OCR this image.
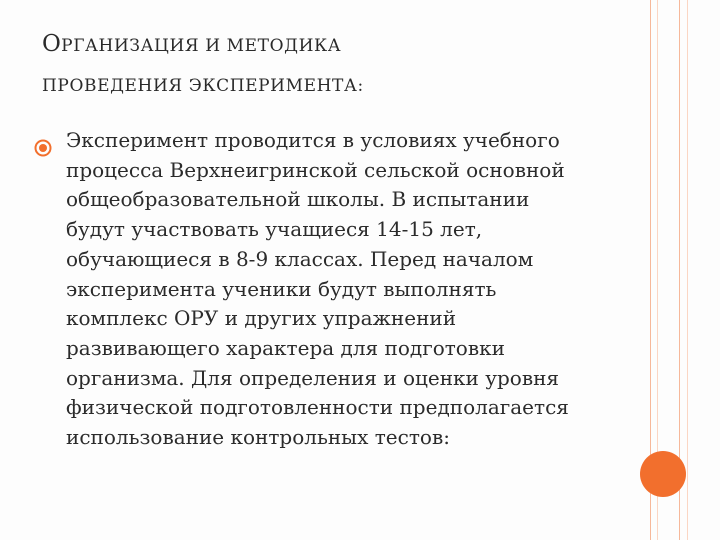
ОРГАНИЗАЦИЯ И МЕТОДИКА
ПРОВЕДЕНИЯ ЭКСПЕРИМЕНТА:
Эксперимент проводится в условиях учебного
процесса Верхнеигринской сельской основной
общеобразовательной школы. В испытании
будут участвовать учащиеся 14-15 лет,
обучающиеся в 8-9 классах. Перед началом
эксперимента ученики будут выполнять
комплекс ОРУ и других упражнений
развивающего характера для подготовки
организма. Для определения и оценки уровня
физической подготовленности предполагается
использование контрольных тестов:
